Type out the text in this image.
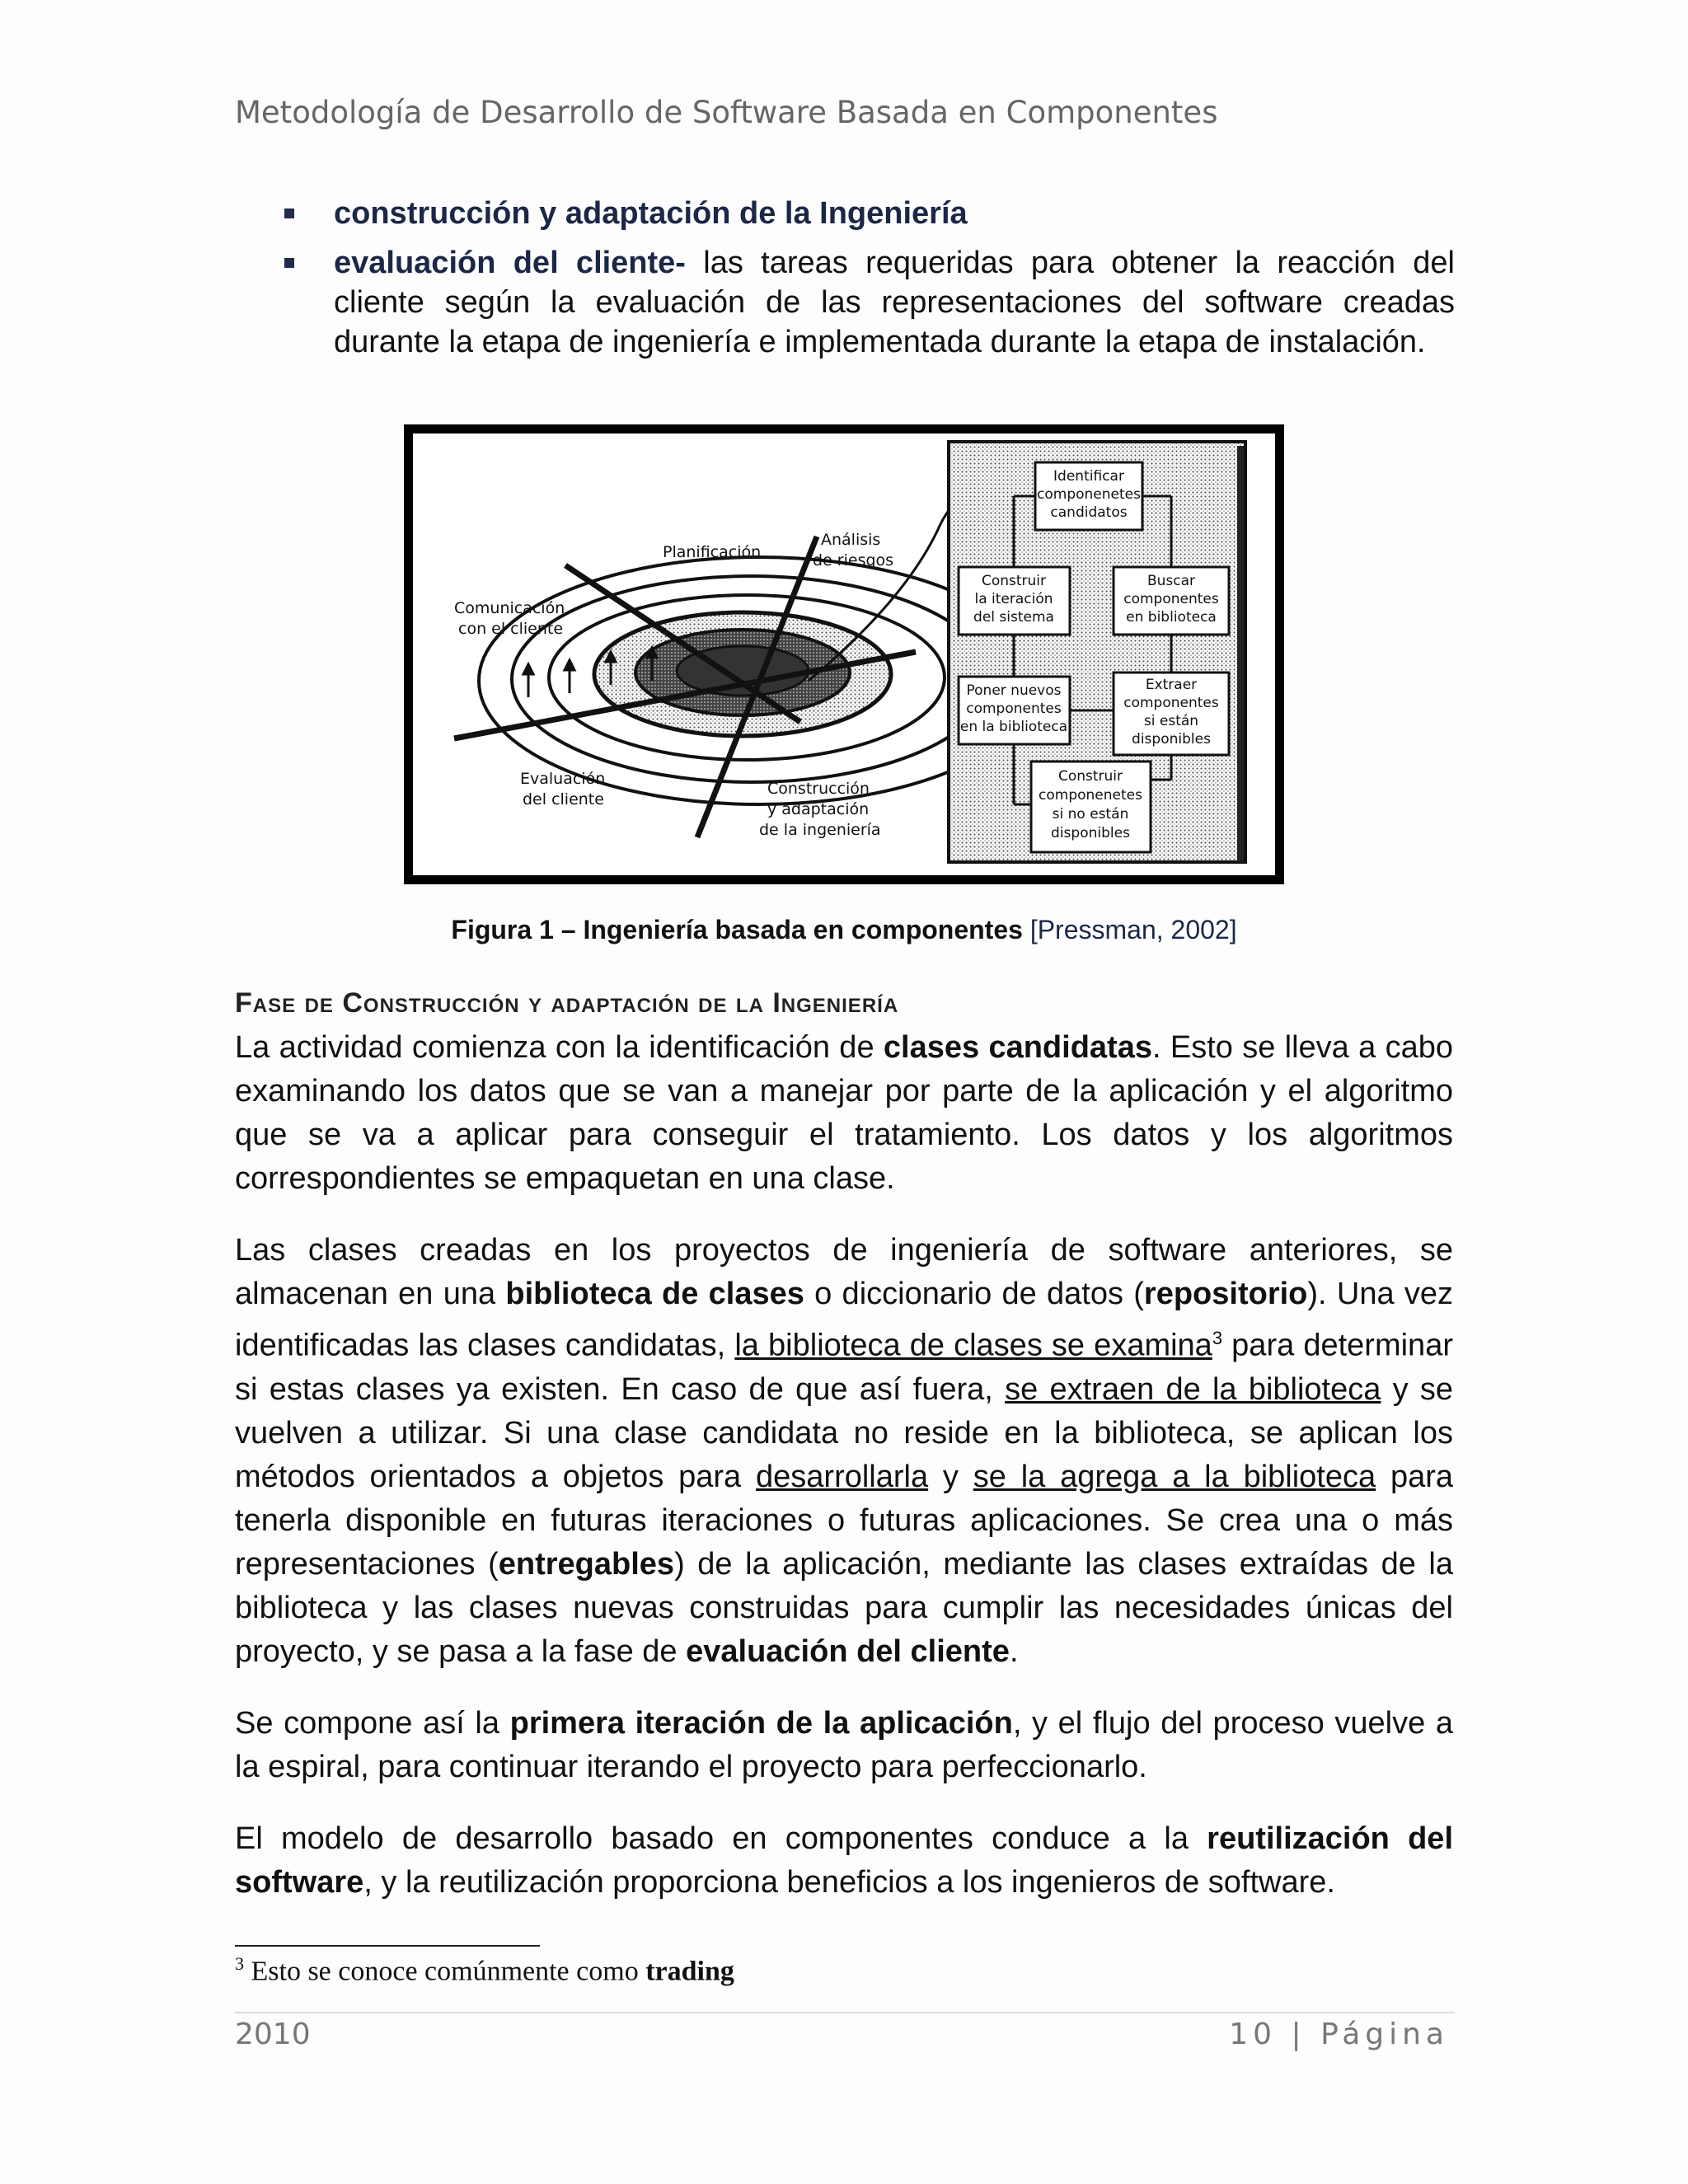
Metodología de Desarrollo de Software Basada en Componentes
construcción y adaptación de la Ingeniería
evaluación del cliente- las tareas requeridas para obtener la reacción del cliente según la evaluación de las representaciones del software creadas durante la etapa de ingeniería e implementada durante la etapa de instalación.
Planificación
Análisis
de riesgos
Comunicación
con el cliente
Evaluación
del cliente
Construcción
y adaptación
de la ingeniería
Identificar
componenetes
candidatos
Construir
la iteración
del sistema
Buscar
componentes
en biblioteca
Poner nuevos
componentes
en la biblioteca
Extraer
componentes
si están
disponibles
Construir
componenetes
si no están
disponibles
Figura 1 – Ingeniería basada en componentes [Pressman, 2002]
Fase de Construcción y adaptación de la Ingeniería

La actividad comienza con la identificación de clases candidatas. Esto se lleva a cabo examinando los datos que se van a manejar por parte de la aplicación y el algoritmo que se va a aplicar para conseguir el tratamiento. Los datos y los algoritmos correspondientes se empaquetan en una clase.

Las clases creadas en los proyectos de ingeniería de software anteriores, se almacenan en una biblioteca de clases o diccionario de datos (repositorio). Una vez identificadas las clases candidatas, la biblioteca de clases se examina$^3$ para determinar si estas clases ya existen. En caso de que así fuera, se extraen de la biblioteca y se vuelven a utilizar. Si una clase candidata no reside en la biblioteca, se aplican los métodos orientados a objetos para desarrollarla y se la agrega a la biblioteca para tenerla disponible en futuras iteraciones o futuras aplicaciones. Se crea una o más representaciones (entregables) de la aplicación, mediante las clases extraídas de la biblioteca y las clases nuevas construidas para cumplir las necesidades únicas del proyecto, y se pasa a la fase de evaluación del cliente.

Se compone así la primera iteración de la aplicación, y el flujo del proceso vuelve a la espiral, para continuar iterando el proyecto para perfeccionarlo.

El modelo de desarrollo basado en componentes conduce a la reutilización del software, y la reutilización proporciona beneficios a los ingenieros de software.

$^3$ Esto se conoce comúnmente como trading
2010	10 | Página
